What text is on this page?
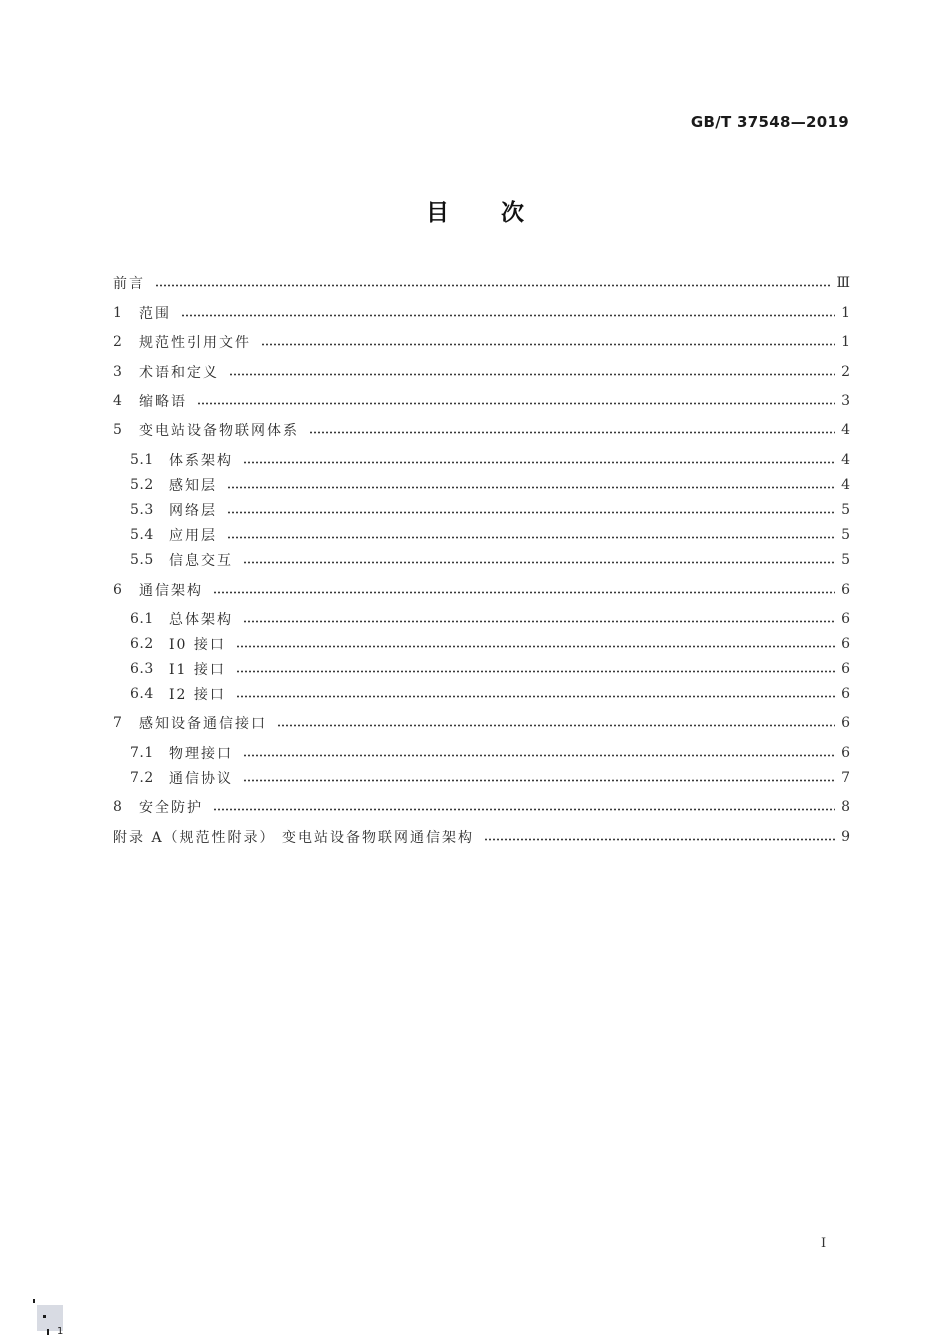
GB/T 37548—2019
目次
前言	Ⅲ
1	范围	1
2	规范性引用文件	1
3	术语和定义	2
4	缩略语	3
5	变电站设备物联网体系	4
5.1	体系架构	4
5.2	感知层	4
5.3	网络层	5
5.4	应用层	5
5.5	信息交互	5
6	通信架构	6
6.1	总体架构	6
6.2	I0 接口	6
6.3	I1 接口	6
6.4	I2 接口	6
7	感知设备通信接口	6
7.1	物理接口	6
7.2	通信协议	7
8	安全防护	8
附录 A（规范性附录） 变电站设备物联网通信架构	9
I
1
